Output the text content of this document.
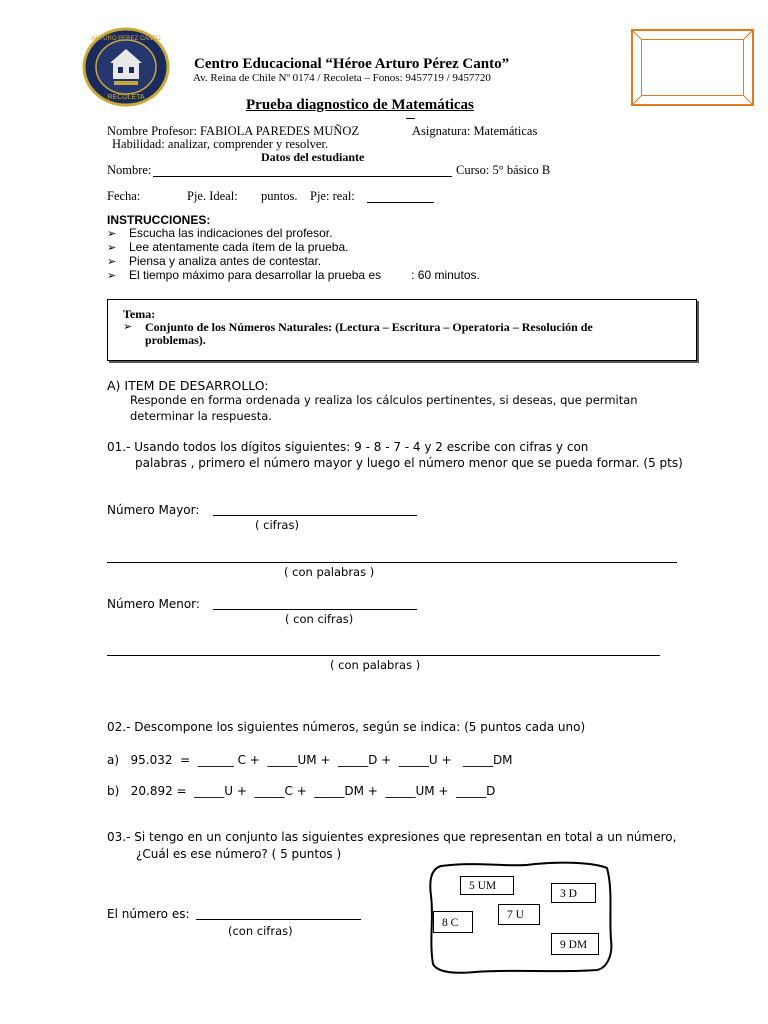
ARTURO PEREZ CANTO
RECOLETA
Centro Educacional “Héroe Arturo Pérez Canto”
Av. Reina de Chile Nº 0174 / Recoleta – Fonos: 9457719 / 9457720
Prueba diagnostico de Matemáticas
Nombre Profesor: FABIOLA PAREDES MUÑOZ	Asignatura: Matemáticas
Habilidad: analizar, comprender y resolver.
Datos del estudiante
Nombre:	Curso: 5° básico B
Fecha:	Pje. Ideal: puntos. Pje: real:
INSTRUCCIONES:
➢ Escucha las indicaciones del profesor.
➢ Lee atentamente cada ítem de la prueba.
➢ Piensa y analiza antes de contestar.
➢ El tiempo máximo para desarrollar la prueba es         : 60 minutos.
Tema:
➢ Conjunto de los Números Naturales: (Lectura – Escritura – Operatoria – Resolución de
problemas).
A) ITEM DE DESARROLLO:
Responde en forma ordenada y realiza los cálculos pertinentes, si deseas, que permitan
determinar la respuesta.
01.- Usando todos los dígitos siguientes: 9 - 8 - 7 - 4 y 2 escribe con cifras y con
palabras , primero el número mayor y luego el número menor que se pueda formar. (5 pts)
Número Mayor:
( cifras)
( con palabras )
Número Menor:
( con cifras)
( con palabras )
02.- Descompone los siguientes números, según se indica: (5 puntos cada uno)
a)   95.032  =  ______ C +  _____UM +  _____D +  _____U +   _____DM
b)   20.892 =  _____U +  _____C +  _____DM +  _____UM +  _____D
03.- Si tengo en un conjunto las siguientes expresiones que representan en total a un número,
¿Cuál es ese número? ( 5 puntos )
El número es:
(con cifras)
5 UM
3 D
8 C
7 U
9 DM
